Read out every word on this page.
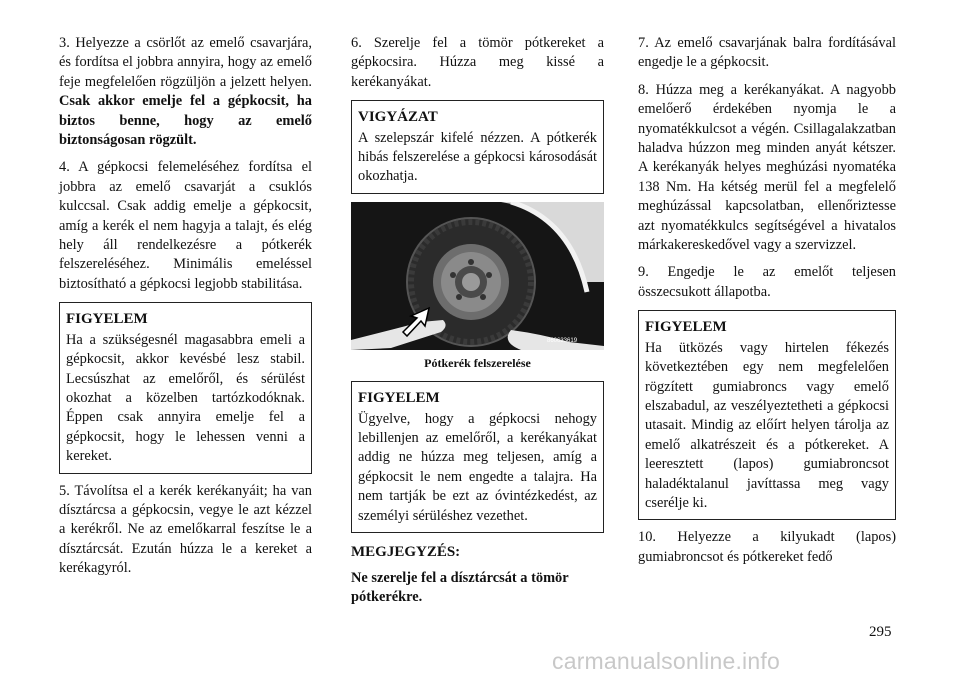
3. Helyezze a csörlőt az emelő csavarjára, és fordítsa el jobbra annyira, hogy az emelő feje megfelelően rögzüljön a jelzett helyen. Csak akkor emelje fel a gépkocsit, ha biztos benne, hogy az emelő biztonságosan rögzült.

4. A gépkocsi felemeléséhez fordítsa el jobbra az emelő csavarját a csuklós kulccsal. Csak addig emelje a gépkocsit, amíg a kerék el nem hagyja a talajt, és elég hely áll rendelkezésre a pótkerék felszereléséhez. Minimális emeléssel biztosítható a gépkocsi legjobb stabilitása.

FIGYELEM
Ha a szükségesnél magasabbra emeli a gépkocsit, akkor kevésbé lesz stabil. Lecsúszhat az emelőről, és sérülést okozhat a közelben tartózkodóknak. Éppen csak annyira emelje fel a gépkocsit, hogy le lehessen venni a kereket.

5. Távolítsa el a kerék kerékanyáit; ha van dísztárcsa a gépkocsin, vegye le azt kézzel a kerékről. Ne az emelőkarral feszítse le a dísztárcsát. Ezután húzza le a kereket a kerékagyról.

6. Szerelje fel a tömör pótkereket a gépkocsira. Húzza meg kissé a kerékanyákat.

VIGYÁZAT
A szelepszár kifelé nézzen. A pótkerék hibás felszerelése a gépkocsi károsodását okozhatja.
860633619
Pótkerék felszerelése
FIGYELEM
Ügyelve, hogy a gépkocsi nehogy lebillenjen az emelőről, a kerékanyákat addig ne húzza meg teljesen, amíg a gépkocsit le nem engedte a talajra. Ha nem tartják be ezt az óvintézkedést, az személyi sérüléshez vezethet.
MEGJEGYZÉS:
Ne szerelje fel a dísztárcsát a tömör pótkerékre.

7. Az emelő csavarjának balra fordításával engedje le a gépkocsit.

8. Húzza meg a kerékanyákat. A nagyobb emelőerő érdekében nyomja le a nyomatékkulcsot a végén. Csillagalakzatban haladva húzzon meg minden anyát kétszer. A kerékanyák helyes meghúzási nyomatéka 138 Nm. Ha kétség merül fel a megfelelő meghúzással kapcsolatban, ellenőriztesse azt nyomatékkulcs segítségével a hivatalos márkakereskedővel vagy a szervizzel.

9. Engedje le az emelőt teljesen összecsukott állapotba.

FIGYELEM
Ha ütközés vagy hirtelen fékezés következtében egy nem megfelelően rögzített gumiabroncs vagy emelő elszabadul, az veszélyeztetheti a gépkocsi utasait. Mindig az előírt helyen tárolja az emelő alkatrészeit és a pótkereket. A leeresztett (lapos) gumiabroncsot haladéktalanul javíttassa meg vagy cserélje ki.

10. Helyezze a kilyukadt (lapos) gumiabroncsot és pótkereket fedő

295
carmanualsonline.info
